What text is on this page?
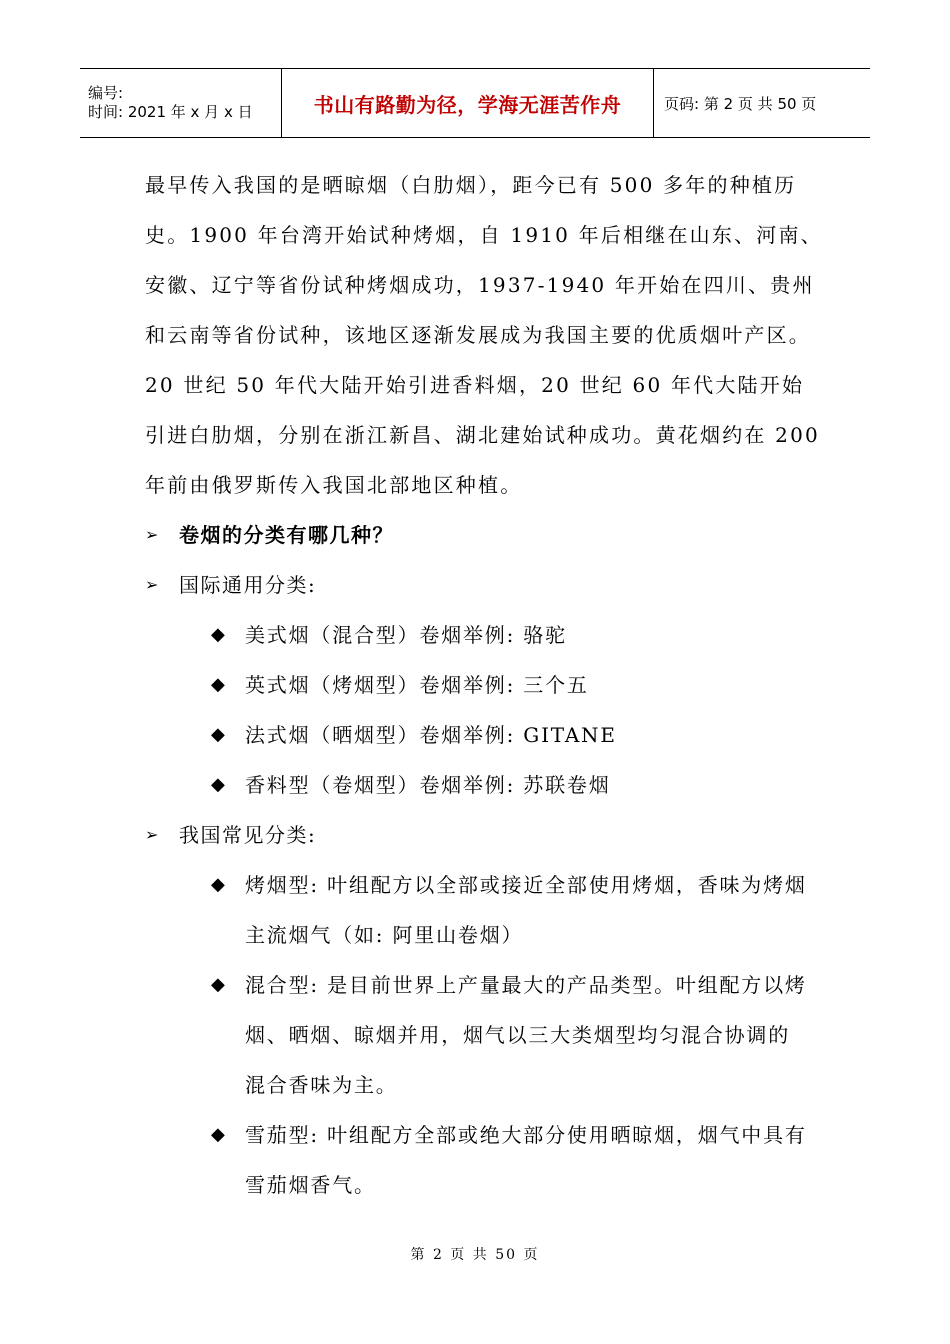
编号:
时间: 2021 年 x 月 x 日	书山有路勤为径，学海无涯苦作舟	页码: 第 2 页 共 50 页

最早传入我国的是晒晾烟（白肋烟），距今已有 500 多年的种植历史。1900 年台湾开始试种烤烟，自 1910 年后相继在山东、河南、安徽、辽宁等省份试种烤烟成功，1937-1940 年开始在四川、贵州和云南等省份试种，该地区逐渐发展成为我国主要的优质烟叶产区。20 世纪 50 年代大陆开始引进香料烟，20 世纪 60 年代大陆开始引进白肋烟，分别在浙江新昌、湖北建始试种成功。黄花烟约在 200 年前由俄罗斯传入我国北部地区种植。

➢ 卷烟的分类有哪几种？
➢ 国际通用分类:
◆ 美式烟（混合型）卷烟举例: 骆驼
◆ 英式烟（烤烟型）卷烟举例: 三个五
◆ 法式烟（晒烟型）卷烟举例: GITANE
◆ 香料型（卷烟型）卷烟举例: 苏联卷烟
➢ 我国常见分类:
◆ 烤烟型: 叶组配方以全部或接近全部使用烤烟，香味为烤烟主流烟气（如: 阿里山卷烟）
◆ 混合型: 是目前世界上产量最大的产品类型。叶组配方以烤烟、晒烟、晾烟并用，烟气以三大类烟型均匀混合协调的混合香味为主。
◆ 雪茄型: 叶组配方全部或绝大部分使用晒晾烟，烟气中具有雪茄烟香气。
第 2 页 共 50 页
